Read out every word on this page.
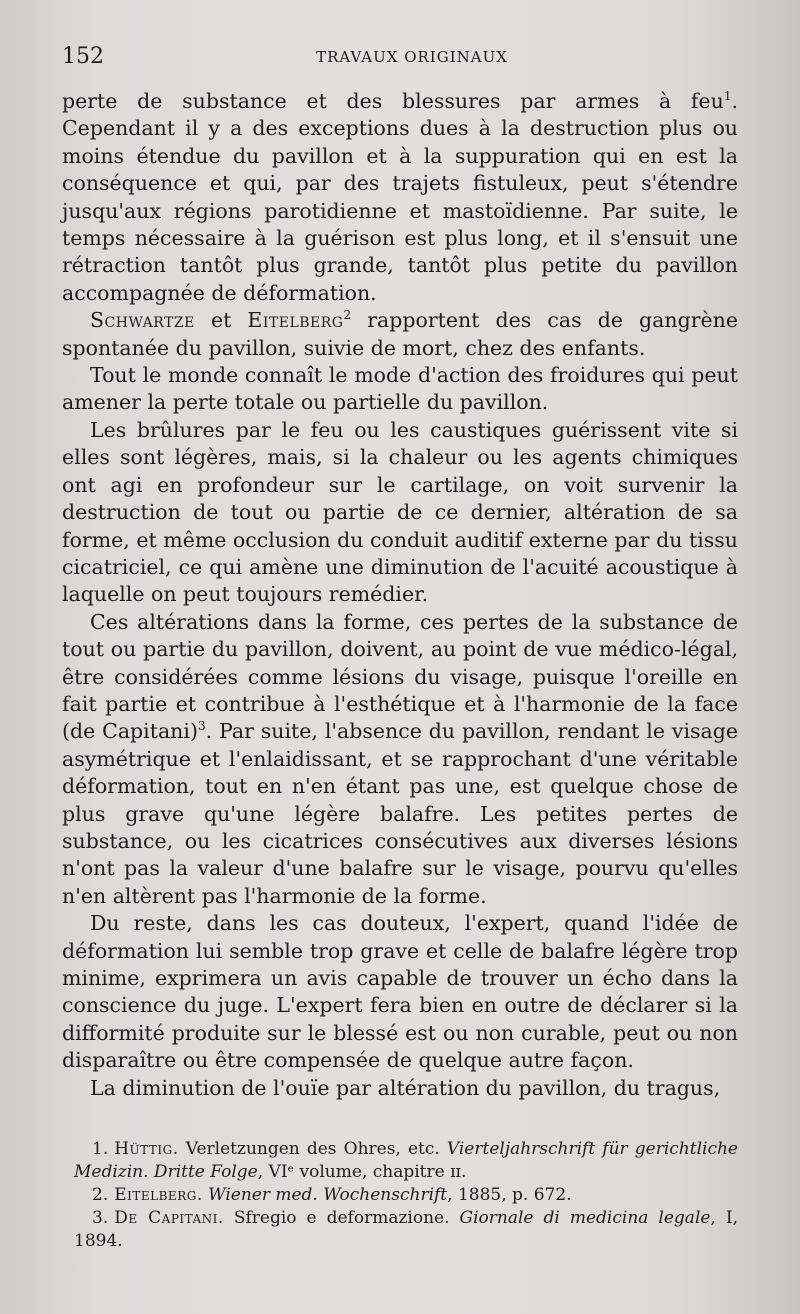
152	TRAVAUX ORIGINAUX

perte de substance et des blessures par armes à feu$^1$. Cependant il y a des exceptions dues à la destruction plus ou moins étendue du pavillon et à la suppuration qui en est la conséquence et qui, par des trajets fistuleux, peut s'étendre jusqu'aux régions parotidienne et mastoïdienne. Par suite, le temps nécessaire à la guérison est plus long, et il s'ensuit une rétraction tantôt plus grande, tantôt plus petite du pavillon accompagnée de déformation.

Schwartze et Eitelberg$^2$ rapportent des cas de gangrène spontanée du pavillon, suivie de mort, chez des enfants.

Tout le monde connaît le mode d'action des froidures qui peut amener la perte totale ou partielle du pavillon.

Les brûlures par le feu ou les caustiques guérissent vite si elles sont légères, mais, si la chaleur ou les agents chimiques ont agi en profondeur sur le cartilage, on voit survenir la destruction de tout ou partie de ce dernier, altération de sa forme, et même occlusion du conduit auditif externe par du tissu cicatriciel, ce qui amène une diminution de l'acuité acoustique à laquelle on peut toujours remédier.

Ces altérations dans la forme, ces pertes de la substance de tout ou partie du pavillon, doivent, au point de vue médico-légal, être considérées comme lésions du visage, puisque l'oreille en fait partie et contribue à l'esthétique et à l'harmonie de la face (de Capitani)$^3$. Par suite, l'absence du pavillon, rendant le visage asymétrique et l'enlaidissant, et se rapprochant d'une véritable déformation, tout en n'en étant pas une, est quelque chose de plus grave qu'une légère balafre. Les petites pertes de substance, ou les cicatrices consécutives aux diverses lésions n'ont pas la valeur d'une balafre sur le visage, pourvu qu'elles n'en altèrent pas l'harmonie de la forme.

Du reste, dans les cas douteux, l'expert, quand l'idée de déformation lui semble trop grave et celle de balafre légère trop minime, exprimera un avis capable de trouver un écho dans la conscience du juge. L'expert fera bien en outre de déclarer si la difformité produite sur le blessé est ou non curable, peut ou non disparaître ou être compensée de quelque autre façon.

La diminution de l'ouïe par altération du pavillon, du tragus,

1. Hüttig. Verletzungen des Ohres, etc. Vierteljahrschrift für gerichtliche Medizin. Dritte Folge, VIᵉ volume, chapitre ɪɪ.

2. Eitelberg. Wiener med. Wochenschrift, 1885, p. 672.

3. De Capitani. Sfregio e deformazione. Giornale di medicina legale, I, 1894.
